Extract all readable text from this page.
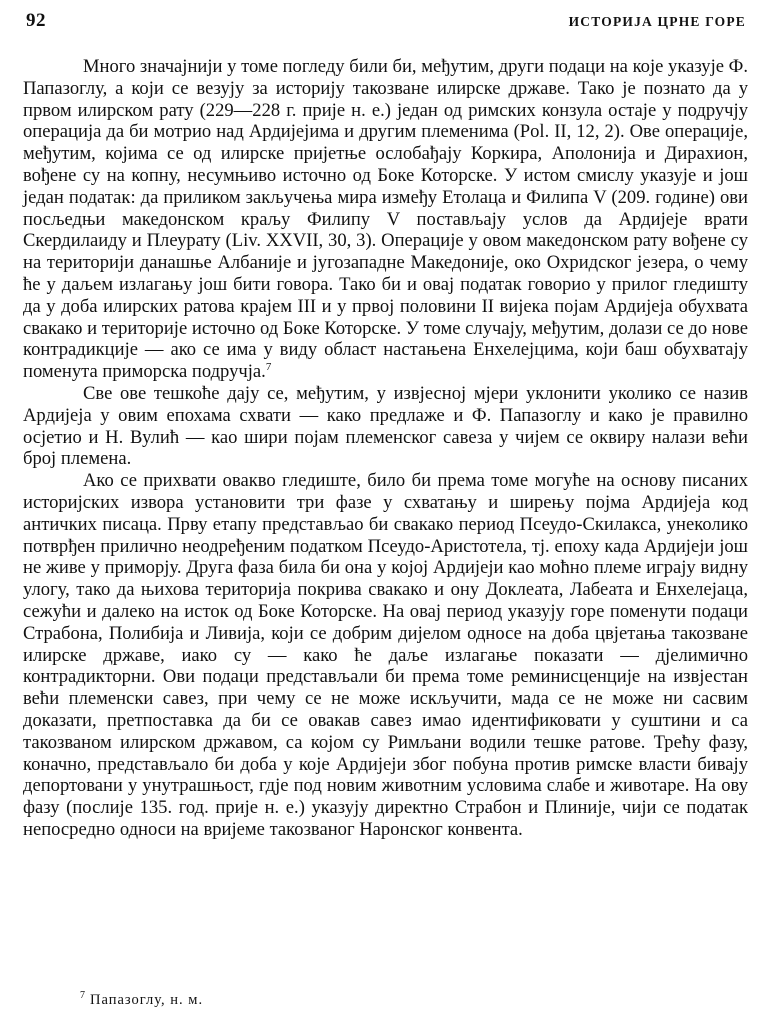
92	ИСТОРИЈА ЦРНЕ ГОРЕ

Много значајнији у томе погледу били би, међутим, други подаци на које указује Ф. Папазоглу, а који се везују за историју такозване илирске државе. Тако је познато да у првом илирском рату (229—228 г. прије н. е.) један од римских конзула остаје у подручју операција да би мотрио над Ардијејима и другим племенима (Pol. II, 12, 2). Ове операције, међутим, којима се од илирске пријетње ослобађају Коркира, Аполонија и Дирахион, вођене су на копну, несумњиво источно од Боке Которске. У истом смислу указује и још један податак: да приликом закључења мира између Етолаца и Филипа V (209. године) ови посљедњи македонском краљу Филипу V постављају услов да Ардијеје врати Скердилаиду и Плеурату (Liv. XXVII, 30, 3). Операције у овом македонском рату вођене су на територији данашње Албаније и југозападне Македоније, око Охридског језера, о чему ће у даљем излагању још бити говора. Тако би и овај податак говорио у прилог гледишту да у доба илирских ратова крајем III и у првој половини II вијека појам Ардијеја обухвата свакако и територије источно од Боке Которске. У томе случају, међутим, долази се до нове контрадикције — ако се има у виду област настањена Енхелејцима, који баш обухватају поменута приморска подручја.$^7$

Све ове тешкоће дају се, међутим, у извјесној мјери уклонити уколико се назив Ардијеја у овим епохама схвати — како предлаже и Ф. Папазоглу и како је правилно осјетио и Н. Вулић — као шири појам племенског савеза у чијем се оквиру налази већи број племена.

Ако се прихвати овакво гледиште, било би према томе могуће на основу писаних историјских извора установити три фазе у схватању и ширењу појма Ардијеја код античких писаца. Прву етапу представљао би свакако период Псеудо-Скилакса, унеколико потврђен прилично неодређеним податком Псеудо-Аристотела, тј. епоху када Ардијеји још не живе у приморју. Друга фаза била би она у којој Ардијеји као моћно племе играју видну улогу, тако да њихова територија покрива свакако и ону Доклеата, Лабеата и Енхелејаца, сежући и далеко на исток од Боке Которске. На овај период указују горе поменути подаци Страбона, Полибија и Ливија, који се добрим дијелом односе на доба цвјетања такозване илирске државе, иако су — како ће даље излагање показати — дјелимично контрадикторни. Ови подаци представљали би према томе реминисценције на извјестан већи племенски савез, при чему се не може искључити, мада се не може ни сасвим доказати, претпоставка да би се овакав савез имао идентификовати у суштини и са такозваном илирском државом, са којом су Римљани водили тешке ратове. Трећу фазу, коначно, представљало би доба у које Ардијеји због побуна против римске власти бивају депортовани у унутрашњост, гдје под новим животним условима слабе и животаре. На ову фазу (послије 135. год. прије н. е.) указују директно Страбон и Плиније, чији се податак непосредно односи на вријеме такозваног Наронског конвента.

$^7$ Папазоглу, н. м.
